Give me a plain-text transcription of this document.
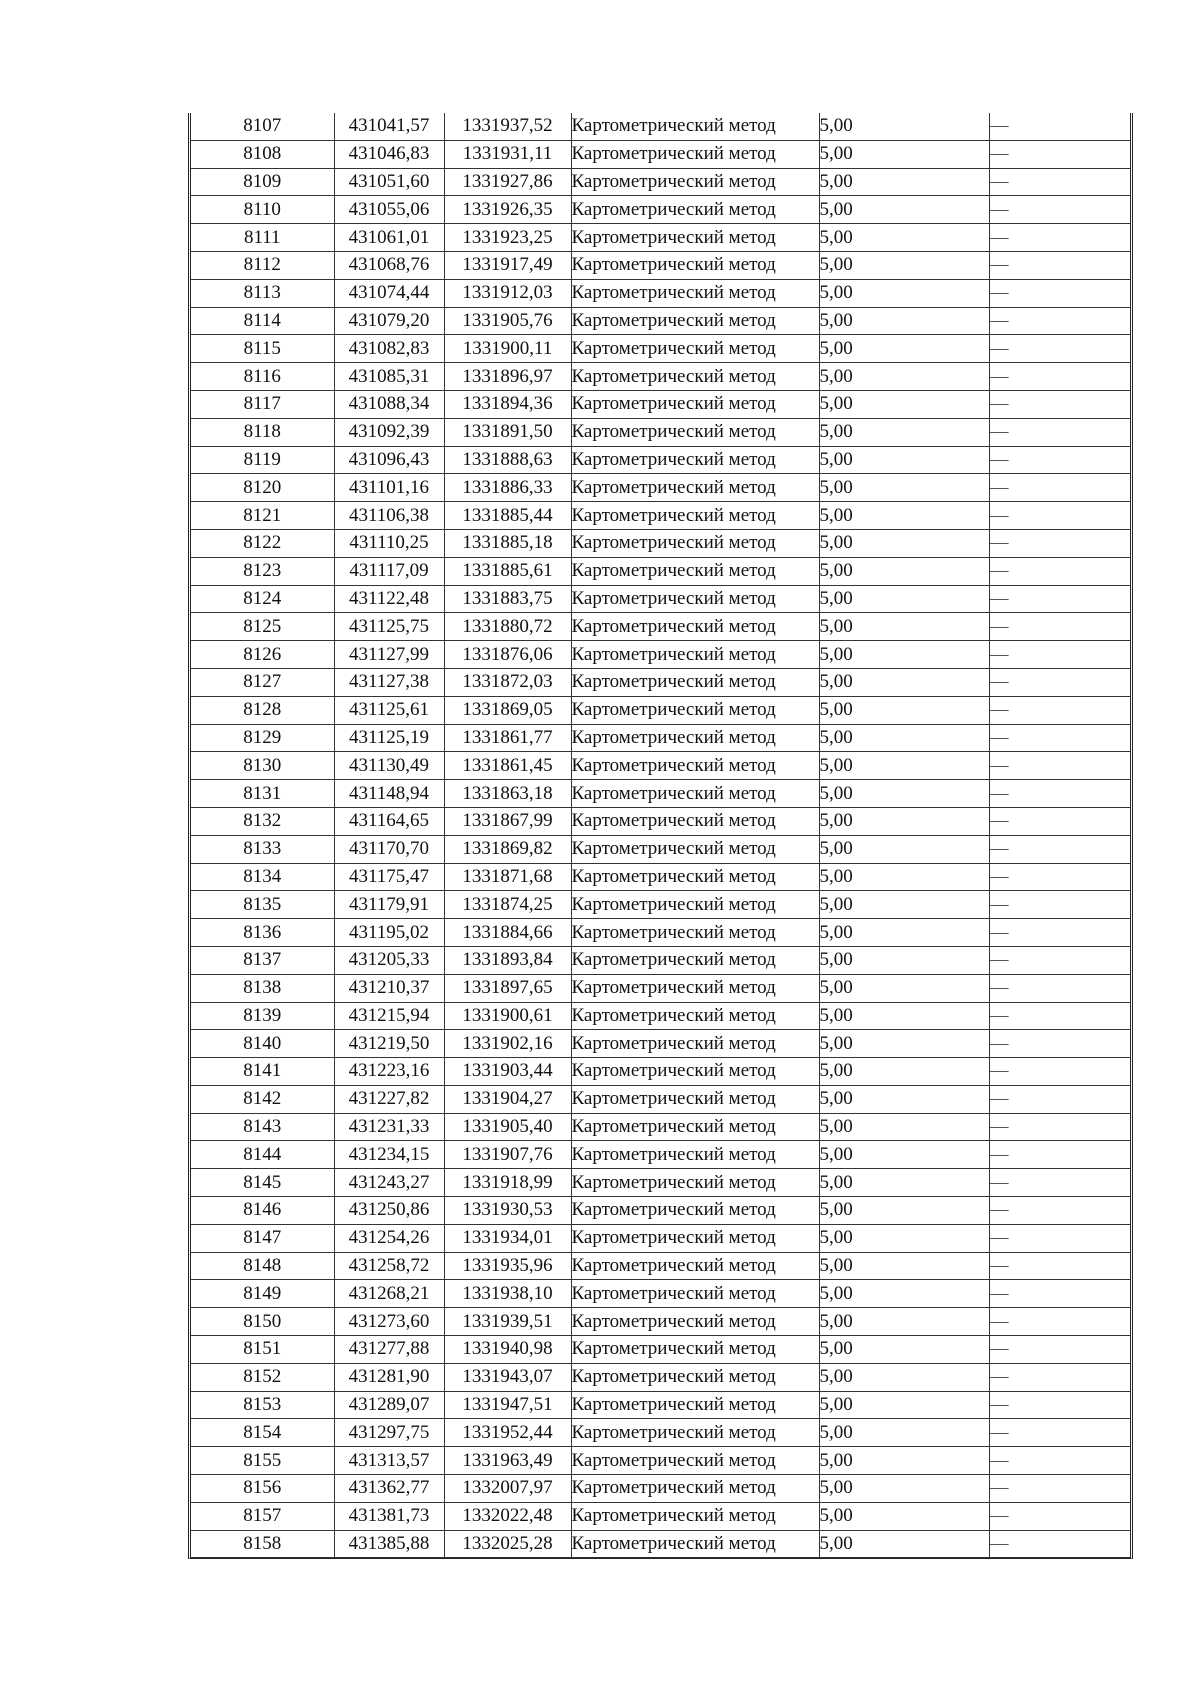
8107	431041,57	1331937,52	Картометрический метод	5,00	—
8108	431046,83	1331931,11	Картометрический метод	5,00	—
8109	431051,60	1331927,86	Картометрический метод	5,00	—
8110	431055,06	1331926,35	Картометрический метод	5,00	—
8111	431061,01	1331923,25	Картометрический метод	5,00	—
8112	431068,76	1331917,49	Картометрический метод	5,00	—
8113	431074,44	1331912,03	Картометрический метод	5,00	—
8114	431079,20	1331905,76	Картометрический метод	5,00	—
8115	431082,83	1331900,11	Картометрический метод	5,00	—
8116	431085,31	1331896,97	Картометрический метод	5,00	—
8117	431088,34	1331894,36	Картометрический метод	5,00	—
8118	431092,39	1331891,50	Картометрический метод	5,00	—
8119	431096,43	1331888,63	Картометрический метод	5,00	—
8120	431101,16	1331886,33	Картометрический метод	5,00	—
8121	431106,38	1331885,44	Картометрический метод	5,00	—
8122	431110,25	1331885,18	Картометрический метод	5,00	—
8123	431117,09	1331885,61	Картометрический метод	5,00	—
8124	431122,48	1331883,75	Картометрический метод	5,00	—
8125	431125,75	1331880,72	Картометрический метод	5,00	—
8126	431127,99	1331876,06	Картометрический метод	5,00	—
8127	431127,38	1331872,03	Картометрический метод	5,00	—
8128	431125,61	1331869,05	Картометрический метод	5,00	—
8129	431125,19	1331861,77	Картометрический метод	5,00	—
8130	431130,49	1331861,45	Картометрический метод	5,00	—
8131	431148,94	1331863,18	Картометрический метод	5,00	—
8132	431164,65	1331867,99	Картометрический метод	5,00	—
8133	431170,70	1331869,82	Картометрический метод	5,00	—
8134	431175,47	1331871,68	Картометрический метод	5,00	—
8135	431179,91	1331874,25	Картометрический метод	5,00	—
8136	431195,02	1331884,66	Картометрический метод	5,00	—
8137	431205,33	1331893,84	Картометрический метод	5,00	—
8138	431210,37	1331897,65	Картометрический метод	5,00	—
8139	431215,94	1331900,61	Картометрический метод	5,00	—
8140	431219,50	1331902,16	Картометрический метод	5,00	—
8141	431223,16	1331903,44	Картометрический метод	5,00	—
8142	431227,82	1331904,27	Картометрический метод	5,00	—
8143	431231,33	1331905,40	Картометрический метод	5,00	—
8144	431234,15	1331907,76	Картометрический метод	5,00	—
8145	431243,27	1331918,99	Картометрический метод	5,00	—
8146	431250,86	1331930,53	Картометрический метод	5,00	—
8147	431254,26	1331934,01	Картометрический метод	5,00	—
8148	431258,72	1331935,96	Картометрический метод	5,00	—
8149	431268,21	1331938,10	Картометрический метод	5,00	—
8150	431273,60	1331939,51	Картометрический метод	5,00	—
8151	431277,88	1331940,98	Картометрический метод	5,00	—
8152	431281,90	1331943,07	Картометрический метод	5,00	—
8153	431289,07	1331947,51	Картометрический метод	5,00	—
8154	431297,75	1331952,44	Картометрический метод	5,00	—
8155	431313,57	1331963,49	Картометрический метод	5,00	—
8156	431362,77	1332007,97	Картометрический метод	5,00	—
8157	431381,73	1332022,48	Картометрический метод	5,00	—
8158	431385,88	1332025,28	Картометрический метод	5,00	—
